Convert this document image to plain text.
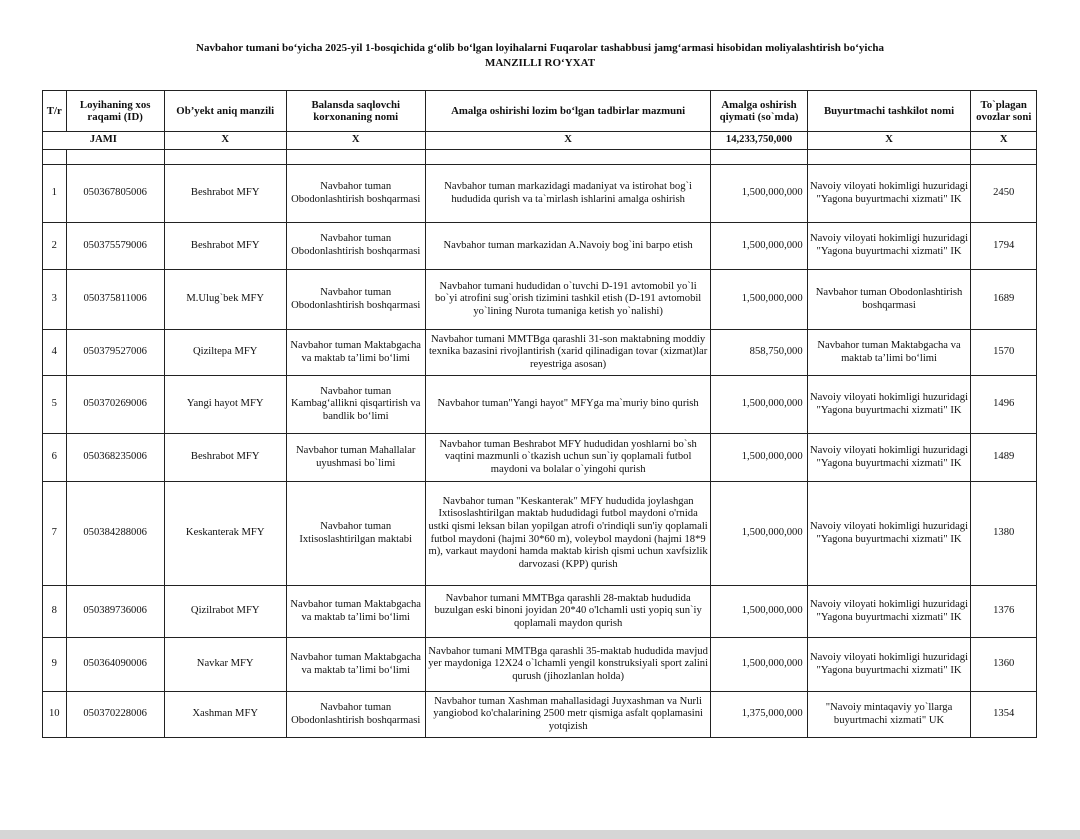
Navbahor tumani bo‘yicha 2025-yil 1-bosqichida g‘olib bo‘lgan loyihalarni Fuqarolar tashabbusi jamg‘armasi hisobidan moliyalashtirish bo‘yicha
MANZILLI RO‘YXAT
T/r	Loyihaning xos raqami (ID)	Ob’yekt aniq manzili	Balansda saqlovchi korxonaning nomi	Amalga oshirishi lozim bo‘lgan tadbirlar mazmuni	Amalga oshirish qiymati (so`mda)	Buyurtmachi tashkilot nomi	To`plagan ovozlar soni
JAMI		X	X	X	14,233,750,000	X	X

1	050367805006	Beshrabot MFY	Navbahor tuman Obodonlashtirish boshqarmasi	Navbahor tuman markazidagi madaniyat va istirohat bog`i hududida qurish va ta`mirlash ishlarini amalga oshirish	1,500,000,000	Navoiy viloyati hokimligi huzuridagi "Yagona buyurtmachi xizmati" IK	2450
2	050375579006	Beshrabot MFY	Navbahor tuman Obodonlashtirish boshqarmasi	Navbahor tuman markazidan A.Navoiy bog`ini barpo etish	1,500,000,000	Navoiy viloyati hokimligi huzuridagi "Yagona buyurtmachi xizmati" IK	1794
3	050375811006	M.Ulug`bek MFY	Navbahor tuman Obodonlashtirish boshqarmasi	Navbahor tumani hududidan o`tuvchi D-191 avtomobil yo`li bo`yi atrofini sug`orish tizimini tashkil etish (D-191 avtomobil yo`lining Nurota tumaniga ketish yo`nalishi)	1,500,000,000	Navbahor tuman Obodonlashtirish boshqarmasi	1689
4	050379527006	Qiziltepa MFY	Navbahor tuman Maktabgacha va maktab ta’limi bo‘limi	Navbahor tumani MMTBga qarashli 31-son maktabning moddiy texnika bazasini rivojlantirish (xarid qilinadigan tovar (xizmat)lar reyestriga asosan)	858,750,000	Navbahor tuman Maktabgacha va maktab ta’limi bo‘limi	1570
5	050370269006	Yangi hayot MFY	Navbahor tuman Kambag‘allikni qisqartirish va bandlik bo‘limi	Navbahor tuman"Yangi hayot" MFYga ma`muriy bino qurish	1,500,000,000	Navoiy viloyati hokimligi huzuridagi "Yagona buyurtmachi xizmati" IK	1496
6	050368235006	Beshrabot MFY	Navbahor tuman Mahallalar uyushmasi bo`limi	Navbahor tuman Beshrabot MFY hududidan yoshlarni bo`sh vaqtini mazmunli o`tkazish uchun sun`iy qoplamali futbol maydoni va bolalar o`yingohi qurish	1,500,000,000	Navoiy viloyati hokimligi huzuridagi "Yagona buyurtmachi xizmati" IK	1489
7	050384288006	Keskanterak MFY	Navbahor tuman Ixtisoslashtirilgan maktabi	Navbahor tuman "Keskanterak" MFY hududida joylashgan Ixtisoslashtirilgan maktab hududidagi futbol maydoni o'rnida ustki qismi leksan bilan yopilgan atrofi o'rindiqli sun'iy qoplamali futbol maydoni (hajmi 30*60 m), voleybol maydoni (hajmi 18*9 m), varkaut maydoni hamda maktab kirish qismi uchun xavfsizlik darvozasi (KPP) qurish	1,500,000,000	Navoiy viloyati hokimligi huzuridagi "Yagona buyurtmachi xizmati" IK	1380
8	050389736006	Qizilrabot MFY	Navbahor tuman Maktabgacha va maktab ta’limi bo‘limi	Navbahor tumani MMTBga qarashli 28-maktab hududida buzulgan eski binoni joyidan 20*40 o'lchamli usti yopiq sun`iy qoplamali maydon qurish	1,500,000,000	Navoiy viloyati hokimligi huzuridagi "Yagona buyurtmachi xizmati" IK	1376
9	050364090006	Navkar MFY	Navbahor tuman Maktabgacha va maktab ta’limi bo‘limi	Navbahor tumani MMTBga qarashli 35-maktab hududida mavjud yer maydoniga 12X24 o`lchamli yengil konstruksiyali sport zalini qurush (jihozlanlan holda)	1,500,000,000	Navoiy viloyati hokimligi huzuridagi "Yagona buyurtmachi xizmati" IK	1360
10	050370228006	Xashman MFY	Navbahor tuman Obodonlashtirish boshqarmasi	Navbahor tuman Xashman mahallasidagi Juyxashman va Nurli yangiobod ko'chalarining 2500 metr qismiga asfalt qoplamasini yotqizish	1,375,000,000	"Navoiy mintaqaviy yo`llarga buyurtmachi xizmati" UK	1354
